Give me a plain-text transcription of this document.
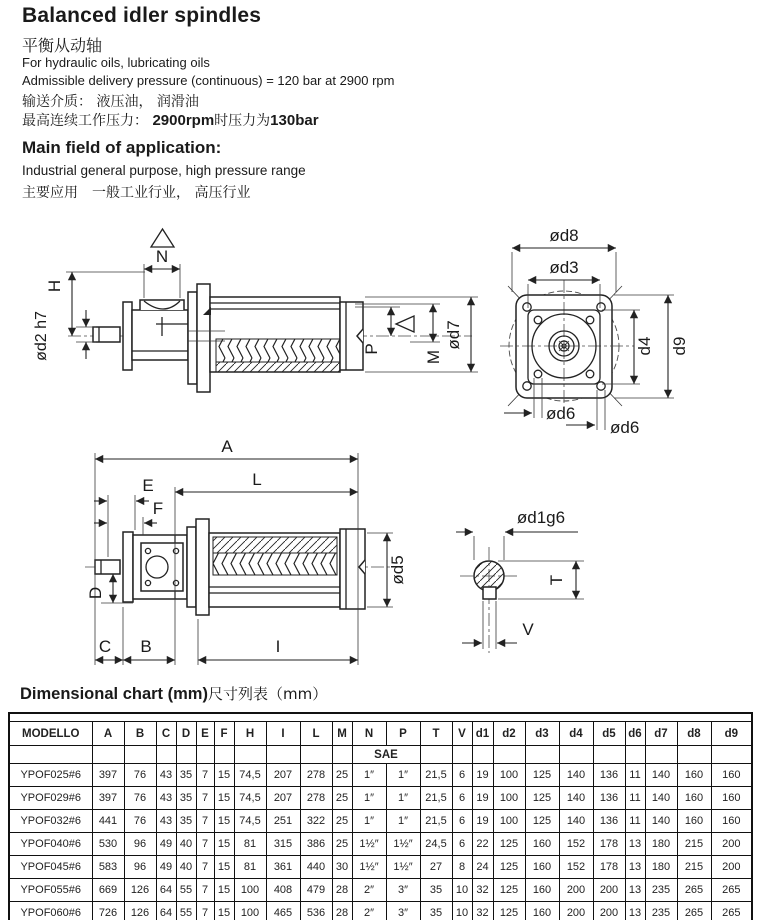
Balanced idler spindles
平衡从动轴
For hydraulic oils, lubricating oils
Admissible delivery pressure (continuous) = 120 bar at 2900 rpm
输送介质： 液压油， 润滑油
最高连续工作压力： 2900rpm时压力为130bar
Main field of application:
Industrial general purpose, high pressure range
主要应用　一般工业行业， 高压行业
N
H
ød2 h7	P
M
ød7
ød8
ød3
d4 d9
ød6
ød6
A
L
E
F
D
C B	I
ød5
ød1g6
T
V
Dimensional chart (mm)尺寸列表（mm）

MODELLO	A	B	C	D	E	F	H	I	L	M	N	P	T	V	d1	d2	d3	d4	d5	d6	d7	d8	d9
											SAE												
YPOF025#6	397	76	43	35	7	15	74,5	207	278	25	1″	1″	21,5	6	19	100	125	140	136	11	140	160	160
YPOF029#6	397	76	43	35	7	15	74,5	207	278	25	1″	1″	21,5	6	19	100	125	140	136	11	140	160	160
YPOF032#6	441	76	43	35	7	15	74,5	251	322	25	1″	1″	21,5	6	19	100	125	140	136	11	140	160	160
YPOF040#6	530	96	49	40	7	15	81	315	386	25	1½″	1½″	24,5	6	22	125	160	152	178	13	180	215	200
YPOF045#6	583	96	49	40	7	15	81	361	440	30	1½″	1½″	27	8	24	125	160	152	178	13	180	215	200
YPOF055#6	669	126	64	55	7	15	100	408	479	28	2″	3″	35	10	32	125	160	200	200	13	235	265	265
YPOF060#6	726	126	64	55	7	15	100	465	536	28	2″	3″	35	10	32	125	160	200	200	13	235	265	265
